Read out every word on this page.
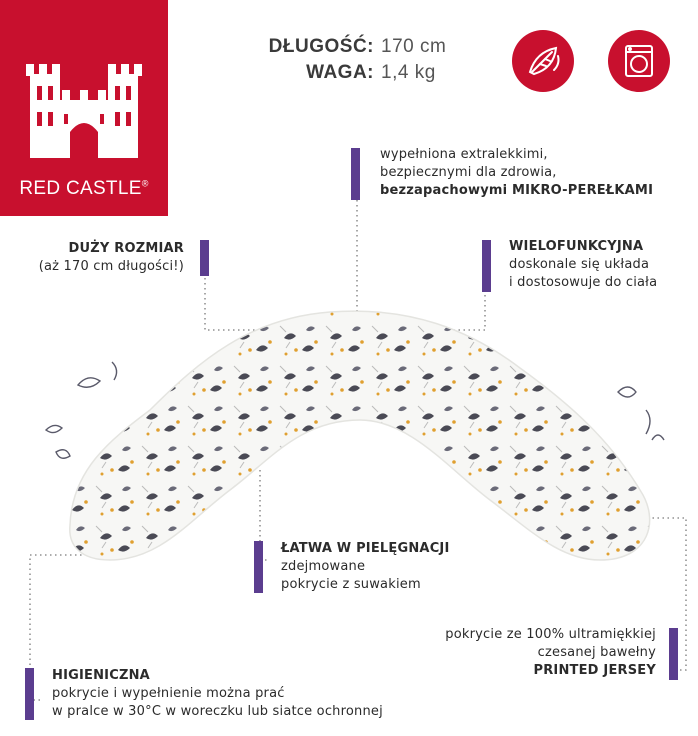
RED CASTLE®
DŁUGOŚĆ: 170 cm
WAGA: 1,4 kg
wypełniona extralekkimi,
bezpiecznymi dla zdrowia,
bezzapachowymi MIKRO-PEREŁKAMI
DUŻY ROZMIAR
(aż 170 cm długości!)
WIELOFUNKCYJNA
doskonale się układa
i dostosowuje do ciała
ŁATWA W PIELĘGNACJI
zdejmowane
pokrycie z suwakiem
pokrycie ze 100% ultramiękkiej
czesanej bawełny
PRINTED JERSEY
HIGIENICZNA
pokrycie i wypełnienie można prać
w pralce w 30°C w woreczku lub siatce ochronnej
